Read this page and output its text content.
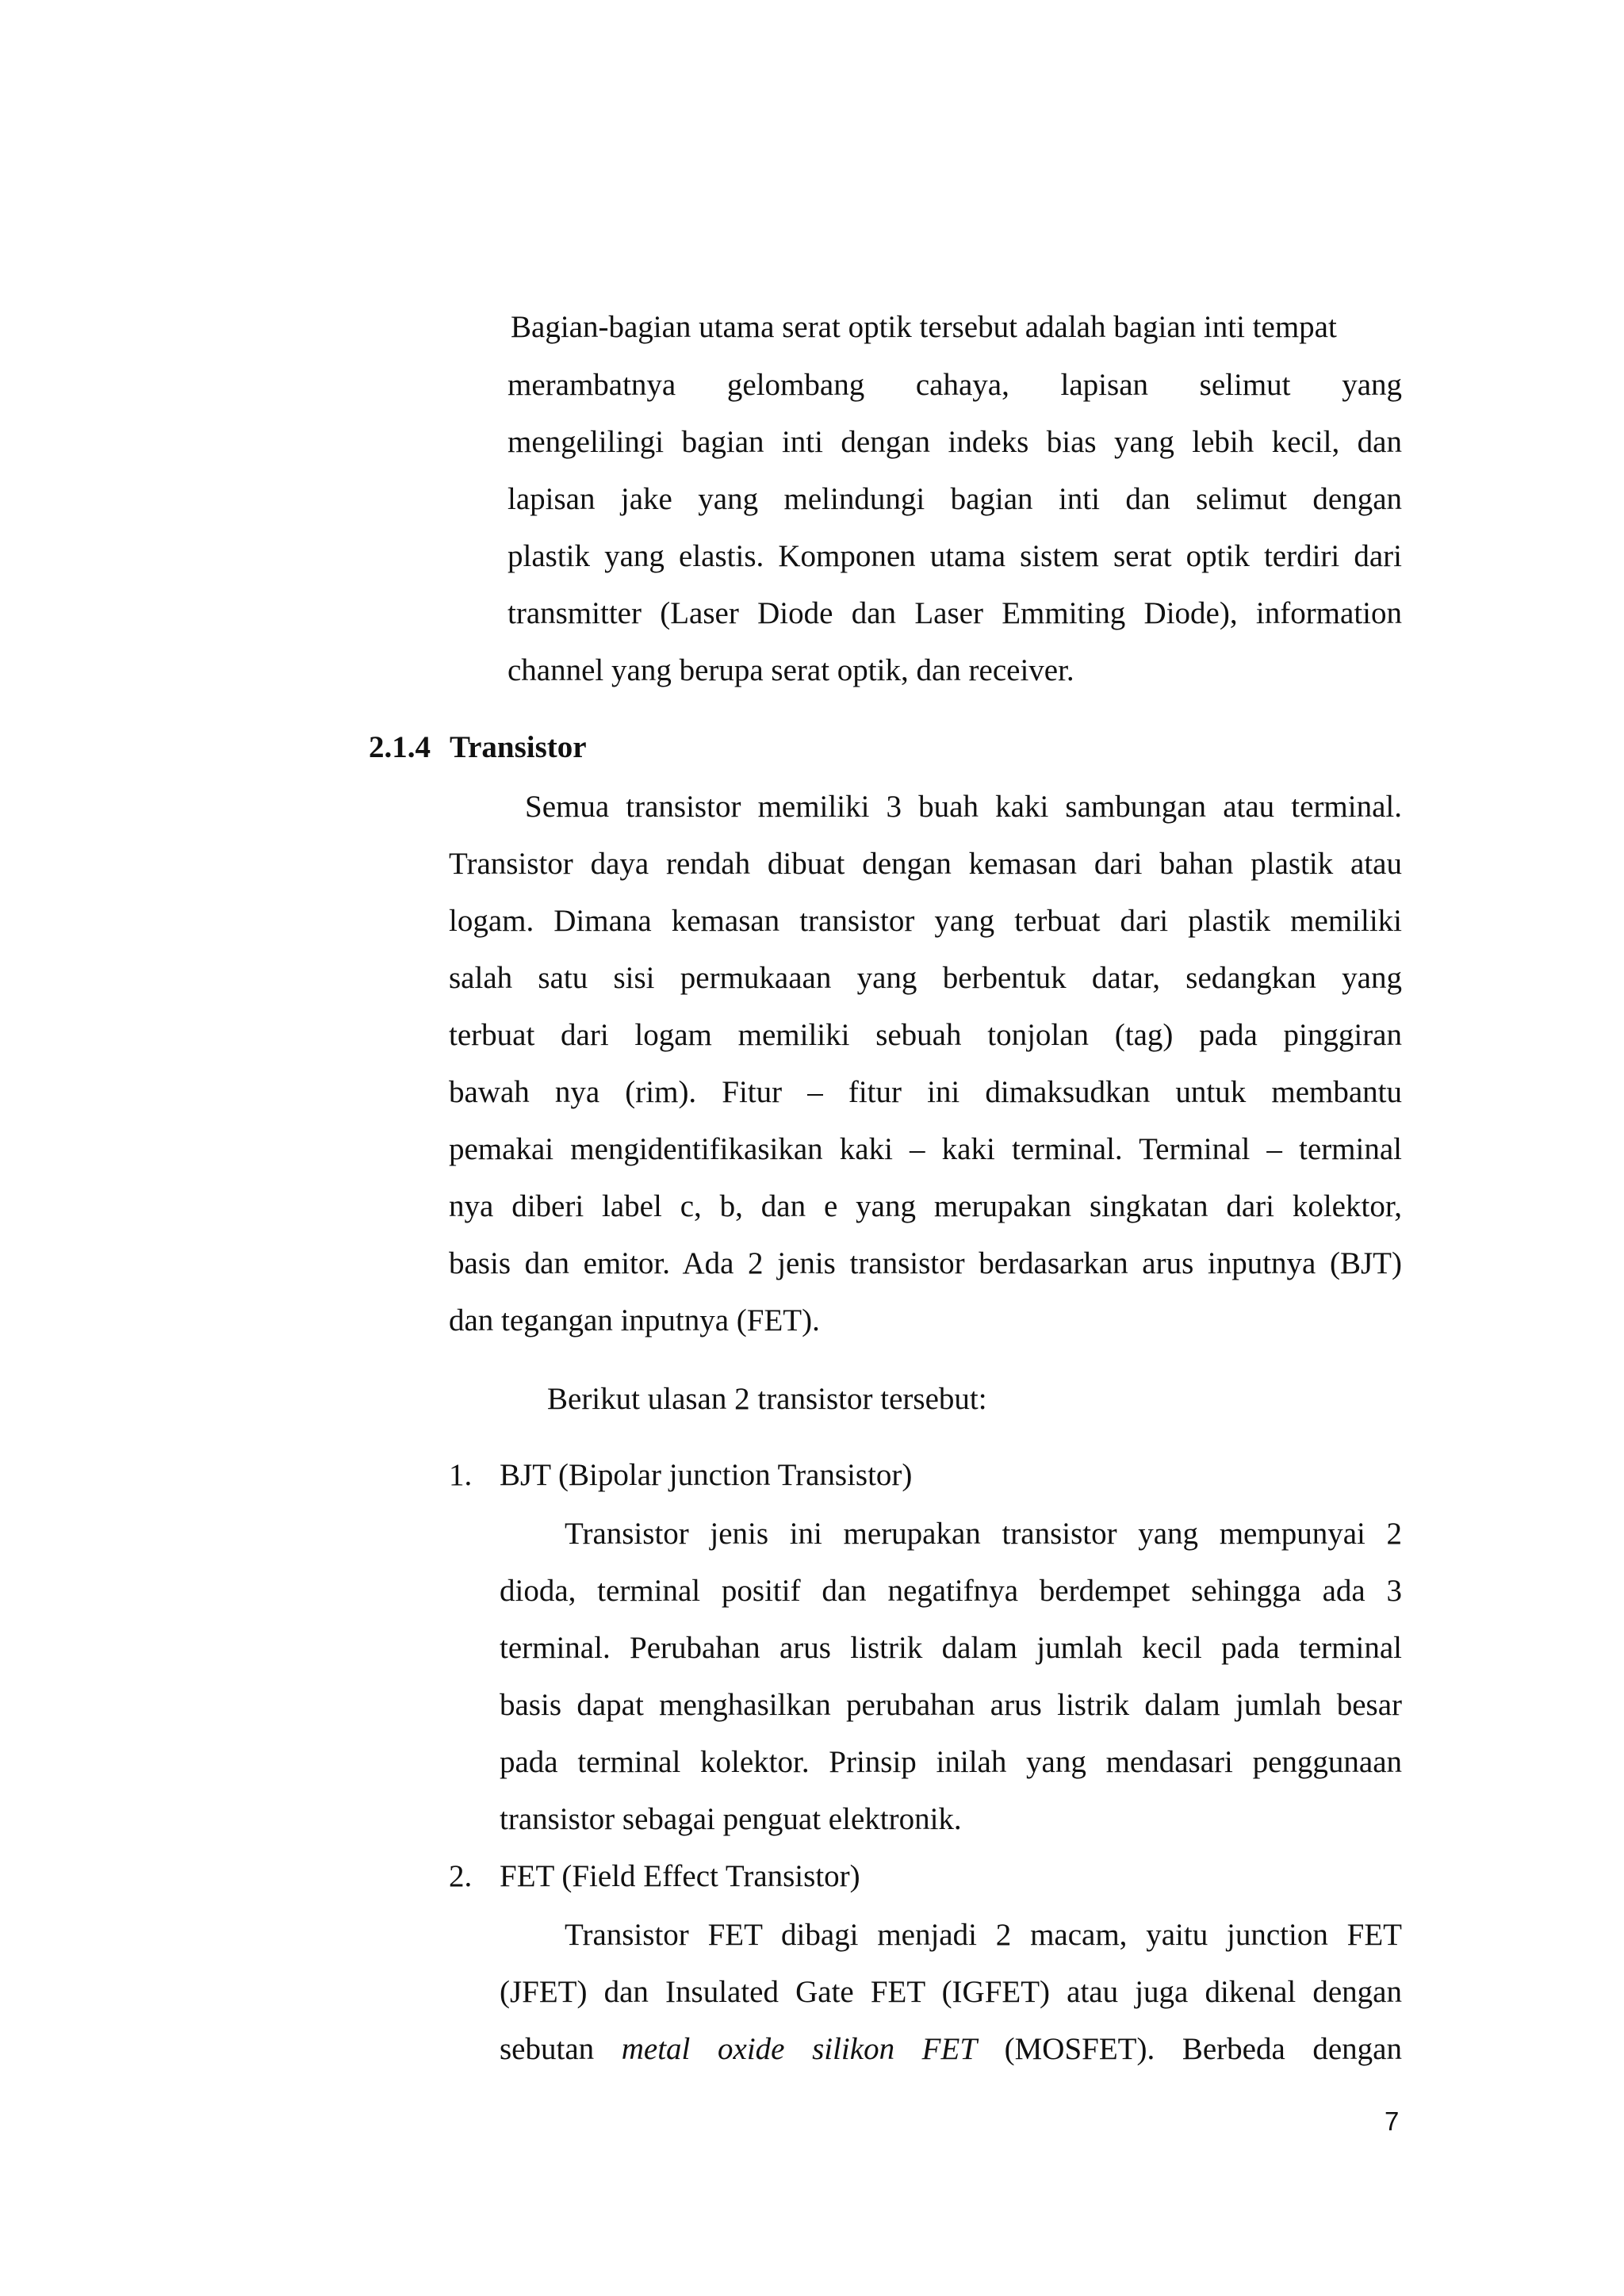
Bagian-bagian utama serat optik tersebut adalah bagian inti tempat
merambatnya gelombang cahaya, lapisan selimut yang
mengelilingi bagian inti dengan indeks bias yang lebih kecil, dan
lapisan jake yang melindungi bagian inti dan selimut dengan
plastik yang elastis. Komponen utama sistem serat optik terdiri dari
transmitter (Laser Diode dan Laser Emmiting Diode), information
channel yang berupa serat optik, dan receiver.
2.1.4 Transistor
Semua transistor memiliki 3 buah kaki sambungan atau terminal.
Transistor daya rendah dibuat dengan kemasan dari bahan plastik atau
logam. Dimana kemasan transistor yang terbuat dari plastik memiliki
salah satu sisi permukaaan yang berbentuk datar, sedangkan yang
terbuat dari logam memiliki sebuah tonjolan (tag) pada pinggiran
bawah nya (rim). Fitur – fitur ini dimaksudkan untuk membantu
pemakai mengidentifikasikan kaki – kaki terminal. Terminal – terminal
nya diberi label c, b, dan e yang merupakan singkatan dari kolektor,
basis dan emitor. Ada 2 jenis transistor berdasarkan arus inputnya (BJT)
dan tegangan inputnya (FET).
Berikut ulasan 2 transistor tersebut:
1. BJT (Bipolar junction Transistor)
Transistor jenis ini merupakan transistor yang mempunyai 2
dioda, terminal positif dan negatifnya berdempet sehingga ada 3
terminal. Perubahan arus listrik dalam jumlah kecil pada terminal
basis dapat menghasilkan perubahan arus listrik dalam jumlah besar
pada terminal kolektor. Prinsip inilah yang mendasari penggunaan
transistor sebagai penguat elektronik.
2. FET (Field Effect Transistor)
Transistor FET dibagi menjadi 2 macam, yaitu junction FET
(JFET) dan Insulated Gate FET (IGFET) atau juga dikenal dengan
sebutan metal oxide silikon FET (MOSFET). Berbeda dengan
7
